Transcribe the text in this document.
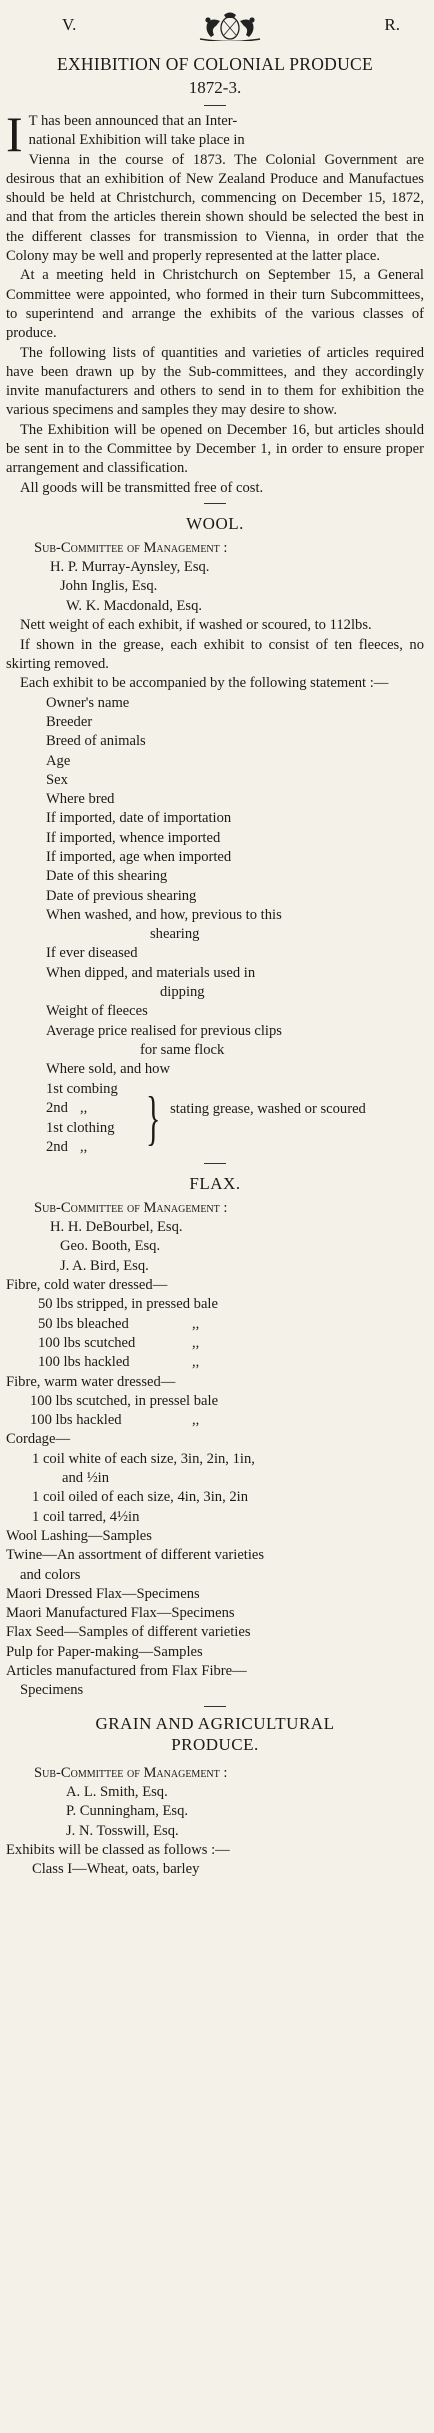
V.	R.
EXHIBITION OF COLONIAL PRODUCE
1872-3.

I T has been announced that an Inter-
national Exhibition will take place in
Vienna in the course of 1873. The Colonial Government are desirous that an exhibition of New Zealand Produce and Manufactues should be held at Christchurch, commencing on December 15, 1872, and that from the articles therein shown should be selected the best in the different classes for transmission to Vienna, in order that the Colony may be well and properly represented at the latter place.

At a meeting held in Christchurch on September 15, a General Committee were appointed, who formed in their turn Subcommittees, to superintend and arrange the exhibits of the various classes of produce.

The following lists of quantities and varieties of articles required have been drawn up by the Sub-committees, and they accordingly invite manufacturers and others to send in to them for exhibition the various specimens and samples they may desire to show.

The Exhibition will be opened on December 16, but articles should be sent in to the Committee by December 1, in order to ensure proper arrangement and classification.

All goods will be transmitted free of cost.

WOOL.
Sub-Committee of Management :
H. P. Murray-Aynsley, Esq.
John Inglis, Esq.
W. K. Macdonald, Esq.

Nett weight of each exhibit, if washed or scoured, to 112lbs.

If shown in the grease, each exhibit to consist of ten fleeces, no skirting removed.

Each exhibit to be accompanied by the following statement :—

Owner's name
Breeder
Breed of animals
Age
Sex
Where bred
If imported, date of importation
If imported, whence imported
If imported, age when imported
Date of this shearing
Date of previous shearing
When washed, and how, previous to this
shearing
If ever diseased
When dipped, and materials used in
dipping
Weight of fleeces
Average price realised for previous clips
for same flock
Where sold, and how
1st combing
2nd ,,
1st clothing
2nd ,, } stating grease, washed or scoured
FLAX.
Sub-Committee of Management :
H. H. DeBourbel, Esq.
Geo. Booth, Esq.
J. A. Bird, Esq.
Fibre, cold water dressed—
50 lbs stripped, in pressed bale
50 lbs bleached	,,
100 lbs scutched	,,
100 lbs hackled	,,
Fibre, warm water dressed—
100 lbs scutched, in pressel bale
100 lbs hackled	,,
Cordage—
1 coil white of each size, 3in, 2in, 1in,
and ½in
1 coil oiled of each size, 4in, 3in, 2in
1 coil tarred, 4½in
Wool Lashing—Samples
Twine—An assortment of different varieties
and colors
Maori Dressed Flax—Specimens
Maori Manufactured Flax—Specimens
Flax Seed—Samples of different varieties
Pulp for Paper-making—Samples
Articles manufactured from Flax Fibre—
Specimens
GRAIN AND AGRICULTURAL
PRODUCE.
Sub-Committee of Management :
A. L. Smith, Esq.
P. Cunningham, Esq.
J. N. Tosswill, Esq.
Exhibits will be classed as follows :—
Class I—Wheat, oats, barley
